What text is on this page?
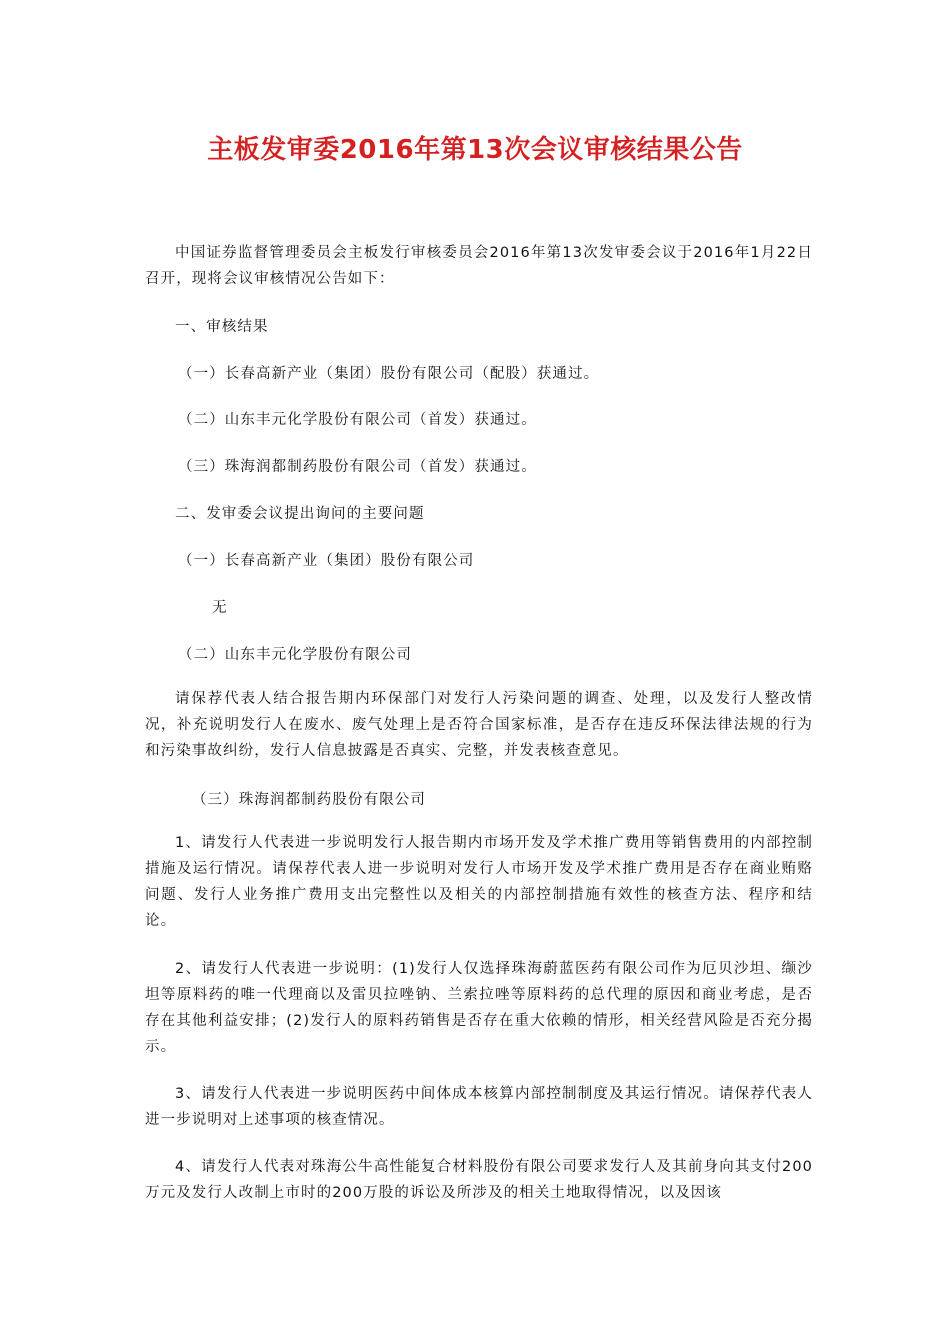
主板发审委2016年第13次会议审核结果公告

中国证券监督管理委员会主板发行审核委员会2016年第13次发审委会议于2016年1月22日召开，现将会议审核情况公告如下：

一、审核结果

（一）长春高新产业（集团）股份有限公司（配股）获通过。

（二）山东丰元化学股份有限公司（首发）获通过。

（三）珠海润都制药股份有限公司（首发）获通过。

二、发审委会议提出询问的主要问题

（一）长春高新产业（集团）股份有限公司

无

（二）山东丰元化学股份有限公司

请保荐代表人结合报告期内环保部门对发行人污染问题的调查、处理，以及发行人整改情况，补充说明发行人在废水、废气处理上是否符合国家标准，是否存在违反环保法律法规的行为和污染事故纠纷，发行人信息披露是否真实、完整，并发表核查意见。

（三）珠海润都制药股份有限公司

1、请发行人代表进一步说明发行人报告期内市场开发及学术推广费用等销售费用的内部控制措施及运行情况。请保荐代表人进一步说明对发行人市场开发及学术推广费用是否存在商业贿赂问题、发行人业务推广费用支出完整性以及相关的内部控制措施有效性的核查方法、程序和结论。

2、请发行人代表进一步说明：(1)发行人仅选择珠海蔚蓝医药有限公司作为厄贝沙坦、缬沙坦等原料药的唯一代理商以及雷贝拉唑钠、兰索拉唑等原料药的总代理的原因和商业考虑，是否存在其他利益安排；(2)发行人的原料药销售是否存在重大依赖的情形，相关经营风险是否充分揭示。

3、请发行人代表进一步说明医药中间体成本核算内部控制制度及其运行情况。请保荐代表人进一步说明对上述事项的核查情况。

4、请发行人代表对珠海公牛高性能复合材料股份有限公司要求发行人及其前身向其支付200万元及发行人改制上市时的200万股的诉讼及所涉及的相关土地取得情况，以及因该
